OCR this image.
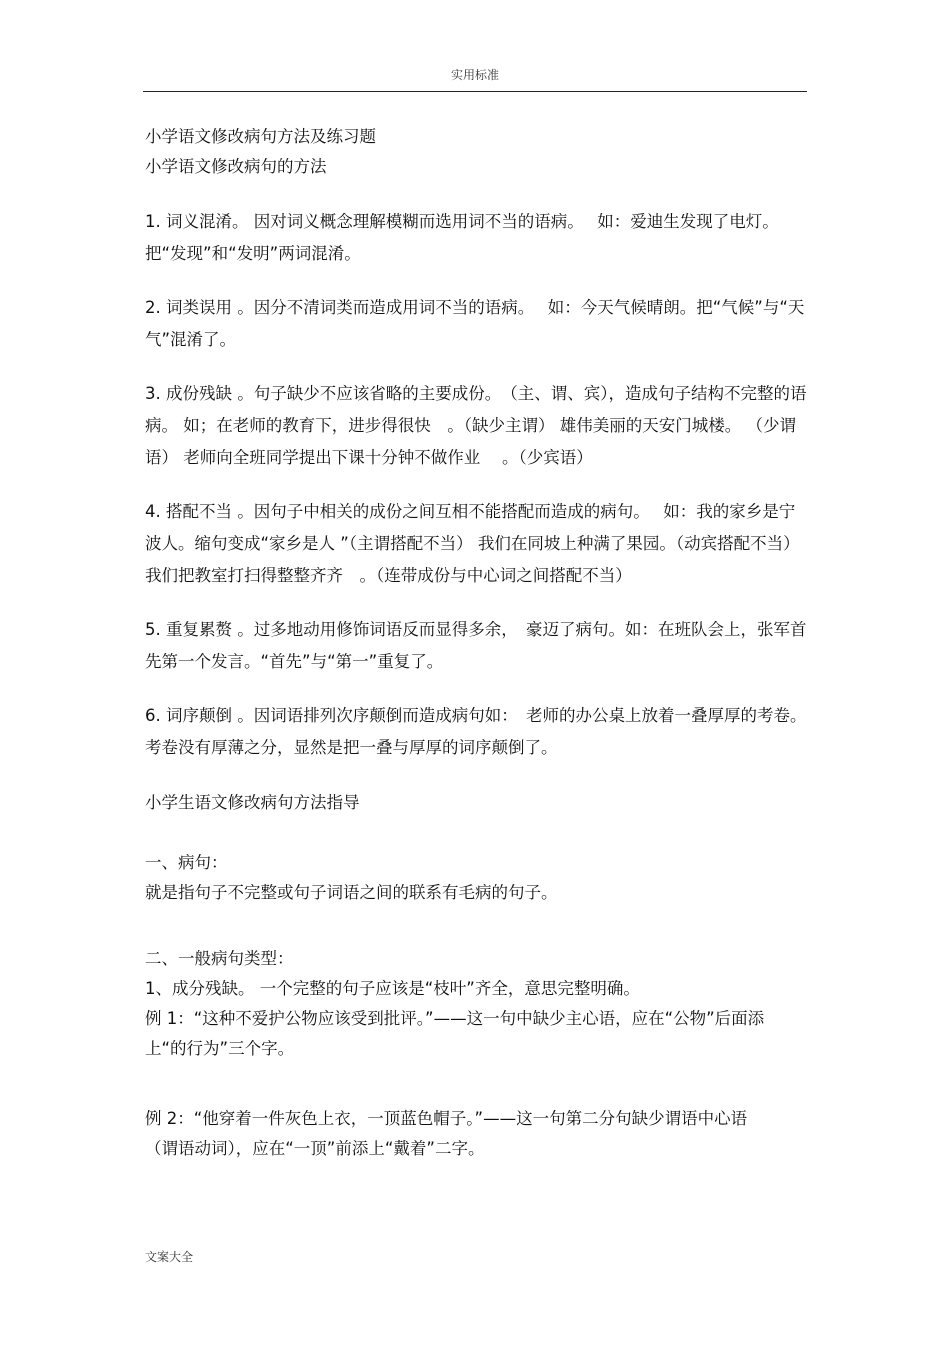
实用标准

小学语文修改病句方法及练习题

小学语文修改病句的方法

1. 词义混淆。 因对词义概念理解模糊而选用词不当的语病。　 如：爱迪生发现了电灯。把“发现”和“发明”两词混淆。

2. 词类误用 。因分不清词类而造成用词不当的语病。　 如：今天气候晴朗。把“气候”与“天气”混淆了。

3. 成份残缺 。句子缺少不应该省略的主要成份。　（主、谓、宾），造成句子结构不完整的语病。 如；在老师的教育下，进步得很快　。（缺少主谓） 雄伟美丽的天安门城楼。 （少谓语） 老师向全班同学提出下课十分钟不做作业　 。（少宾语）

4. 搭配不当 。因句子中相关的成份之间互相不能搭配而造成的病句。　 如：我的家乡是宁波人。缩句变成“家乡是人 ”（主谓搭配不当） 我们在同坡上种满了果园。（动宾搭配不当） 我们把教室打扫得整整齐齐　。（连带成份与中心词之间搭配不当）

5. 重复累赘 。过多地动用修饰词语反而显得多余，　豪迈了病句。如：在班队会上，张军首先第一个发言。“首先”与“第一”重复了。

6. 词序颠倒 。因词语排列次序颠倒而造成病句如：　老师的办公桌上放着一叠厚厚的考卷。考卷没有厚薄之分，显然是把一叠与厚厚的词序颠倒了。

小学生语文修改病句方法指导

一、病句：

就是指句子不完整或句子词语之间的联系有毛病的句子。

二、一般病句类型：

1、成分残缺。 一个完整的句子应该是“枝叶”齐全，意思完整明确。

例 1：“这种不爱护公物应该受到批评。”——这一句中缺少主心语，应在“公物”后面添上“的行为”三个字。

例 2：“他穿着一件灰色上衣，一顶蓝色帽子。”——这一句第二分句缺少谓语中心语（谓语动词），应在“一顶”前添上“戴着”二字。

文案大全
